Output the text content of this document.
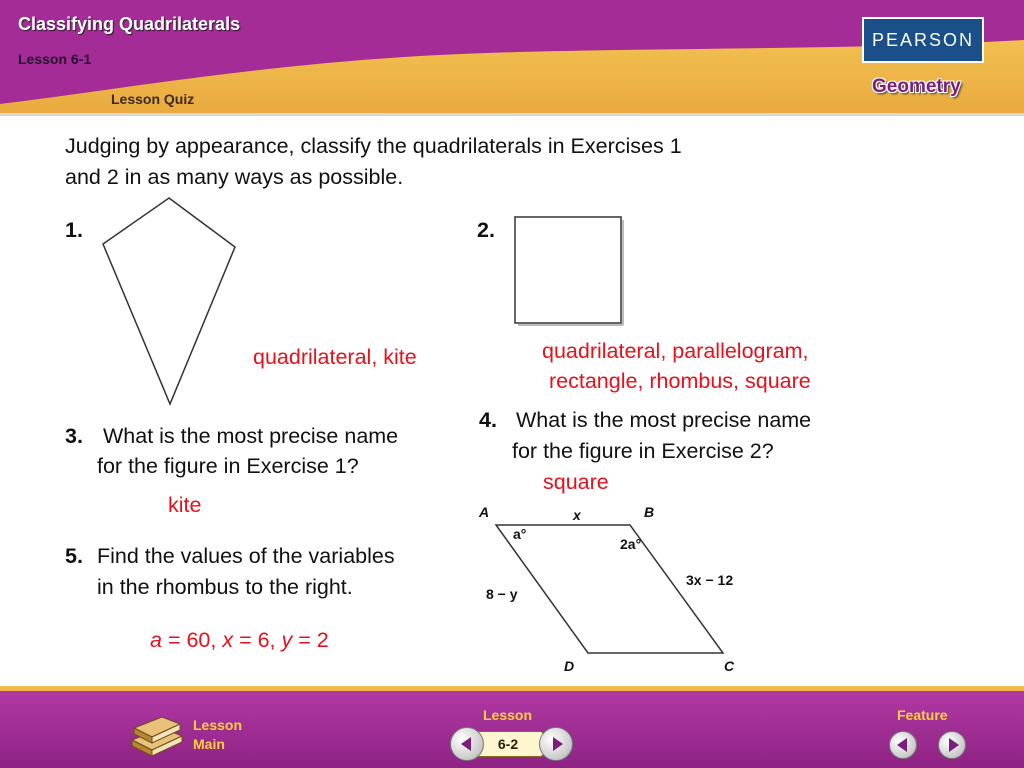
Classifying Quadrilaterals
Lesson 6-1
Lesson Quiz
PEARSON
Geometry
Judging by appearance, classify the quadrilaterals in Exercises 1
and 2 in as many ways as possible.
1.
quadrilateral, kite
2.
quadrilateral, parallelogram,
rectangle, rhombus, square
3. What is the most precise name
for the figure in Exercise 1?
kite
4. What is the most precise name
for the figure in Exercise 2?
square
5. Find the values of the variables
in the rhombus to the right.
a = 60, x = 6, y = 2
A	B
C
D
x
3x − 12
8 − y
a°
2a°
Lesson
Main
Lesson
6-2
Feature
